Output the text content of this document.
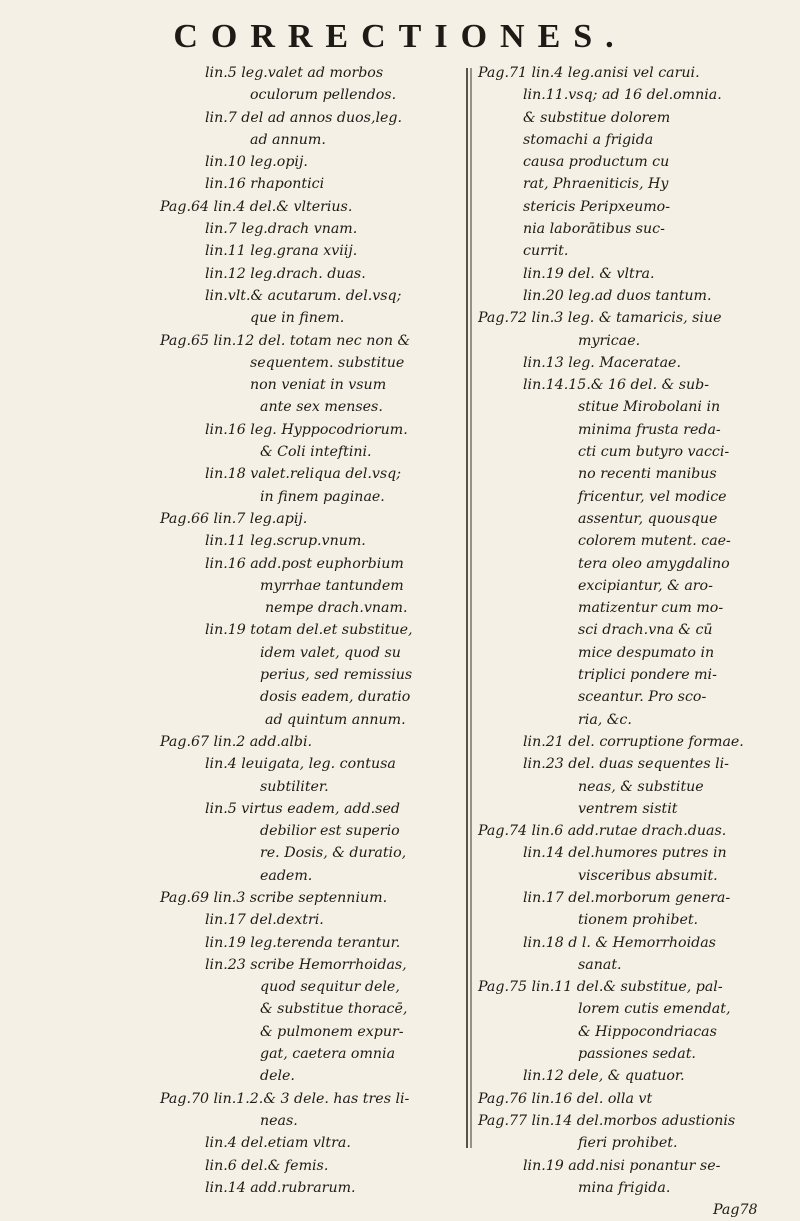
CORRECTIONES.
lin.5 leg.valet ad morbos
oculorum pellendos.
lin.7 del ad annos duos,leg.
ad annum.
lin.10 leg.opij.
lin.16 rhapontici
Pag.64 lin.4 del.& vlterius.
lin.7 leg.drach vnam.
lin.11 leg.grana xviij.
lin.12 leg.drach. duas.
lin.vlt.& acutarum. del.vsq;
que in finem.
Pag.65 lin.12 del. totam nec non &
sequentem. substitue
non veniat in vsum
ante sex menses.
lin.16 leg. Hyppocodriorum.
& Coli inteftini.
lin.18 valet.reliqua del.vsq;
in finem paginae.
Pag.66 lin.7 leg.apij.
lin.11 leg.scrup.vnum.
lin.16 add.post euphorbium
myrrhae tantundem
nempe drach.vnam.
lin.19 totam del.et substitue,
idem valet, quod su
perius, sed remissius
dosis eadem, duratio
ad quintum annum.
Pag.67 lin.2 add.albi.
lin.4 leuigata, leg. contusa
subtiliter.
lin.5 virtus eadem, add.sed
debilior est superio
re. Dosis, & duratio,
eadem.
Pag.69 lin.3 scribe septennium.
lin.17 del.dextri.
lin.19 leg.terenda terantur.
lin.23 scribe Hemorrhoidas,
quod sequitur dele,
& substitue thoracē,
& pulmonem expur-
gat, caetera omnia
dele.
Pag.70 lin.1.2.& 3 dele. has tres li-
neas.
lin.4 del.etiam vltra.
lin.6 del.& femis.
lin.14 add.rubrarum.
Pag.71 lin.4 leg.anisi vel carui.
lin.11.vsq; ad 16 del.omnia.
& substitue dolorem
stomachi a frigida
causa productum cu
rat, Phraeniticis, Hy
stericis Peripxeumo-
nia laborātibus suc-
currit.
lin.19 del. & vltra.
lin.20 leg.ad duos tantum.
Pag.72 lin.3 leg. & tamaricis, siue
myricae.
lin.13 leg. Maceratae.
lin.14.15.& 16 del. & sub-
stitue Mirobolani in
minima frusta reda-
cti cum butyro vacci-
no recenti manibus
fricentur, vel modice
assentur, quousque
colorem mutent. cae-
tera oleo amygdalino
excipiantur, & aro-
matizentur cum mo-
sci drach.vna & cū
mice despumato in
triplici pondere mi-
sceantur. Pro sco-
ria, &c.
lin.21 del. corruptione formae.
lin.23 del. duas sequentes li-
neas, & substitue
ventrem sistit
Pag.74 lin.6 add.rutae drach.duas.
lin.14 del.humores putres in
visceribus absumit.
lin.17 del.morborum genera-
tionem prohibet.
lin.18 d l. & Hemorrhoidas
sanat.
Pag.75 lin.11 del.& substitue, pal-
lorem cutis emendat,
& Hippocondriacas
passiones sedat.
lin.12 dele, & quatuor.
Pag.76 lin.16 del. olla vt
Pag.77 lin.14 del.morbos adustionis
fieri prohibet.
lin.19 add.nisi ponantur se-
mina frigida.
Pag78
